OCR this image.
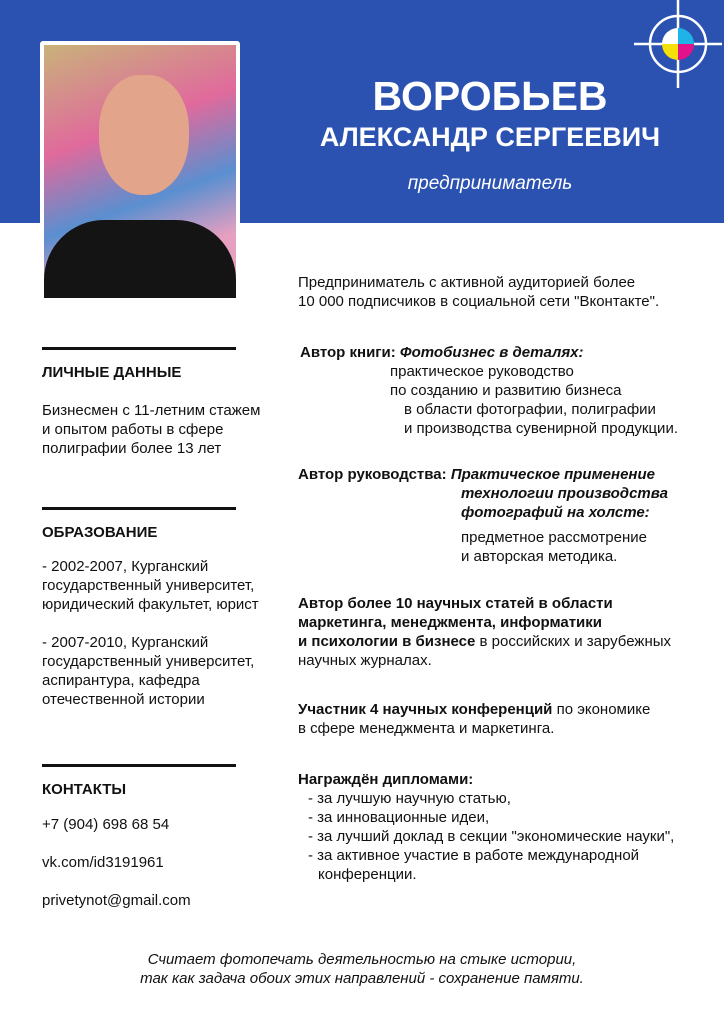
ВОРОБЬЕВ
АЛЕКСАНДР СЕРГЕЕВИЧ
предприниматель
ЛИЧНЫЕ ДАННЫЕ
Бизнесмен с 11-летним стажем
и опытом работы в сфере
полиграфии более 13 лет
ОБРАЗОВАНИЕ
- 2002-2007, Курганский
государственный университет,
юридический факультет, юрист
- 2007-2010, Курганский
государственный университет,
аспирантура, кафедра
отечественной истории
КОНТАКТЫ
+7 (904) 698 68 54
vk.com/id3191961
privetynot@gmail.com
Предприниматель с активной аудиторией более
10 000 подписчиков в социальной сети "Вконтакте".
Автор книги: Фотобизнес в деталях:
практическое руководство
по созданию и развитию бизнеса
в области фотографии, полиграфии
и производства сувенирной продукции.
Автор руководства: Практическое применение
технологии производства
фотографий на холсте:
предметное рассмотрение
и авторская методика.
Автор более 10 научных статей в области
маркетинга, менеджмента, информатики
и психологии в бизнесе в российских и зарубежных
научных журналах.
Участник 4 научных конференций по экономике
в сфере менеджмента и маркетинга.
Награждён дипломами:
- за лучшую научную статью,
- за инновационные идеи,
- за лучший доклад в секции "экономические науки",
- за активное участие в работе международной
конференции.
Считает фотопечать деятельностью на стыке истории,
так как задача обоих этих направлений - сохранение памяти.
